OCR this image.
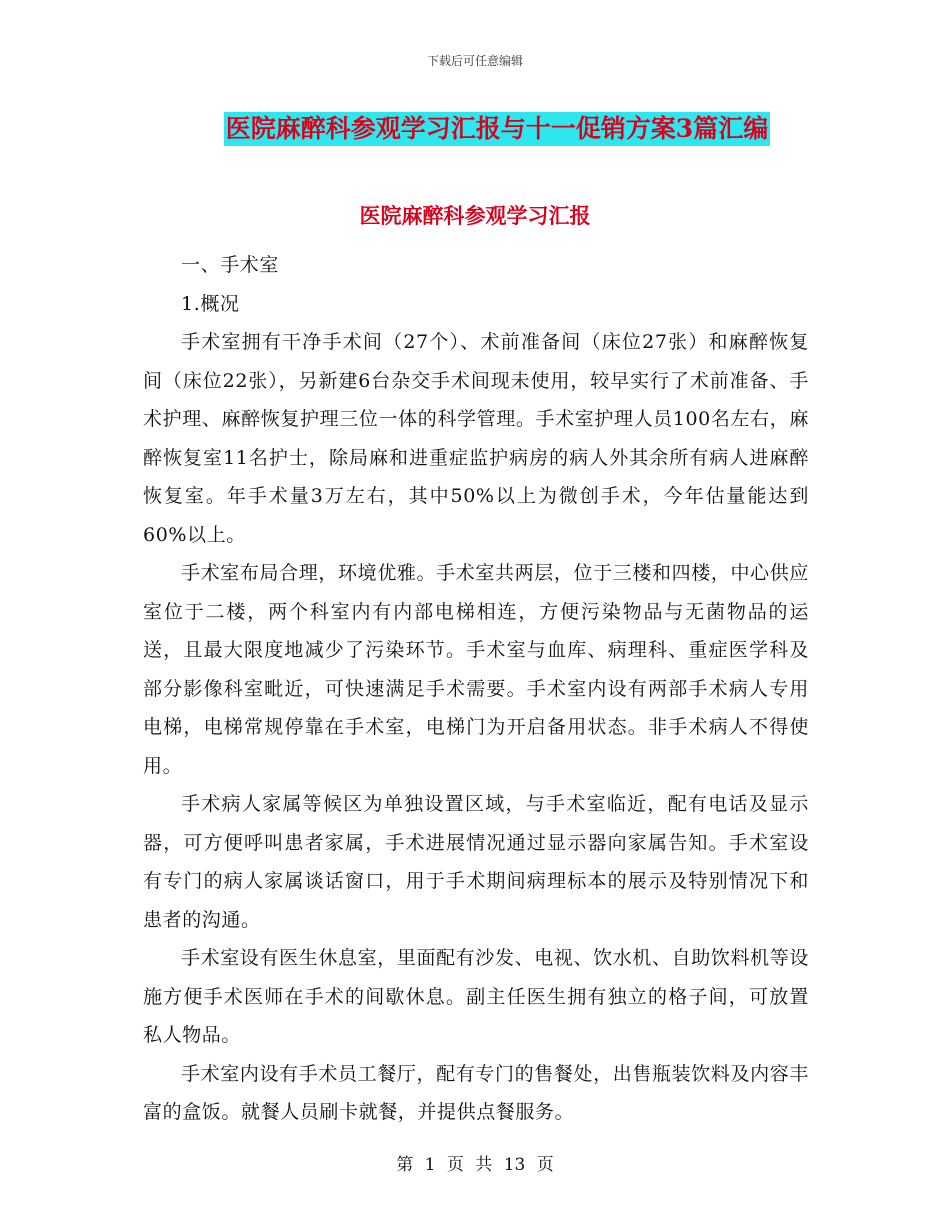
下载后可任意编辑
医院麻醉科参观学习汇报与十一促销方案3篇汇编
医院麻醉科参观学习汇报

一、手术室

1.概况

手术室拥有干净手术间（27个）、术前准备间（床位27张）和麻醉恢复间（床位22张），另新建6台杂交手术间现未使用，较早实行了术前准备、手术护理、麻醉恢复护理三位一体的科学管理。手术室护理人员100名左右，麻醉恢复室11名护士，除局麻和进重症监护病房的病人外其余所有病人进麻醉恢复室。年手术量3万左右，其中50%以上为微创手术，今年估量能达到60%以上。

手术室布局合理，环境优雅。手术室共两层，位于三楼和四楼，中心供应室位于二楼，两个科室内有内部电梯相连，方便污染物品与无菌物品的运送，且最大限度地减少了污染环节。手术室与血库、病理科、重症医学科及部分影像科室毗近，可快速满足手术需要。手术室内设有两部手术病人专用电梯，电梯常规停靠在手术室，电梯门为开启备用状态。非手术病人不得使用。

手术病人家属等候区为单独设置区域，与手术室临近，配有电话及显示器，可方便呼叫患者家属，手术进展情况通过显示器向家属告知。手术室设有专门的病人家属谈话窗口，用于手术期间病理标本的展示及特别情况下和患者的沟通。

手术室设有医生休息室，里面配有沙发、电视、饮水机、自助饮料机等设施方便手术医师在手术的间歇休息。副主任医生拥有独立的格子间，可放置私人物品。

手术室内设有手术员工餐厅，配有专门的售餐处，出售瓶装饮料及内容丰富的盒饭。就餐人员刷卡就餐，并提供点餐服务。

第 1 页 共 13 页
